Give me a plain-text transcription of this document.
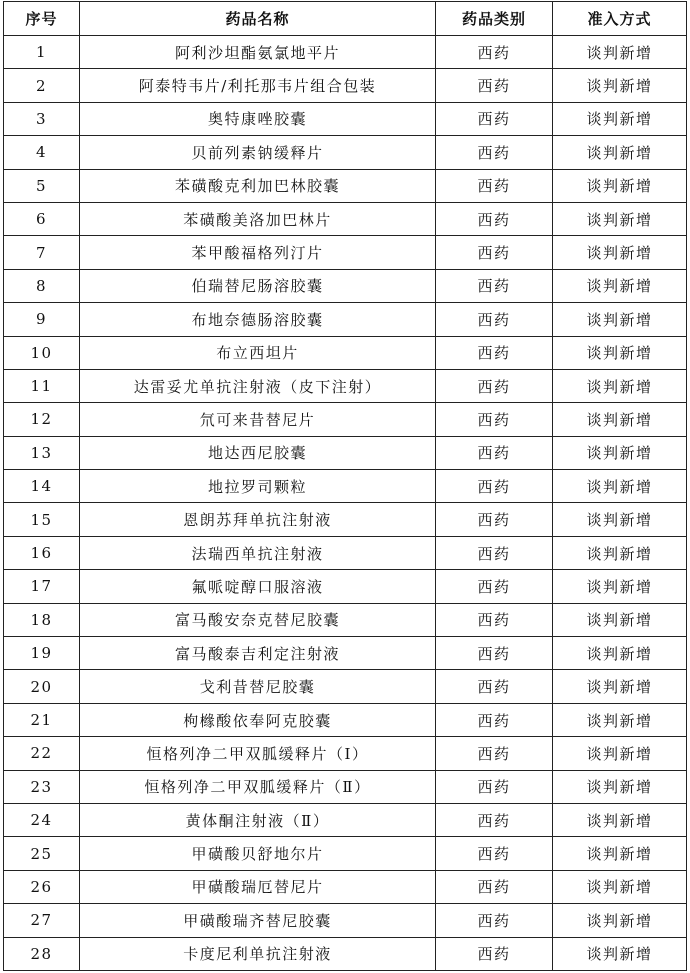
序号	药品名称	药品类别	准入方式
1	阿利沙坦酯氨氯地平片	西药	谈判新增
2	阿泰特韦片/利托那韦片组合包装	西药	谈判新增
3	奥特康唑胶囊	西药	谈判新增
4	贝前列素钠缓释片	西药	谈判新增
5	苯磺酸克利加巴林胶囊	西药	谈判新增
6	苯磺酸美洛加巴林片	西药	谈判新增
7	苯甲酸福格列汀片	西药	谈判新增
8	伯瑞替尼肠溶胶囊	西药	谈判新增
9	布地奈德肠溶胶囊	西药	谈判新增
10	布立西坦片	西药	谈判新增
11	达雷妥尤单抗注射液（皮下注射）	西药	谈判新增
12	氘可来昔替尼片	西药	谈判新增
13	地达西尼胶囊	西药	谈判新增
14	地拉罗司颗粒	西药	谈判新增
15	恩朗苏拜单抗注射液	西药	谈判新增
16	法瑞西单抗注射液	西药	谈判新增
17	氟哌啶醇口服溶液	西药	谈判新增
18	富马酸安奈克替尼胶囊	西药	谈判新增
19	富马酸泰吉利定注射液	西药	谈判新增
20	戈利昔替尼胶囊	西药	谈判新增
21	枸橼酸依奉阿克胶囊	西药	谈判新增
22	恒格列净二甲双胍缓释片（Ⅰ）	西药	谈判新增
23	恒格列净二甲双胍缓释片（Ⅱ）	西药	谈判新增
24	黄体酮注射液（Ⅱ）	西药	谈判新增
25	甲磺酸贝舒地尔片	西药	谈判新增
26	甲磺酸瑞厄替尼片	西药	谈判新增
27	甲磺酸瑞齐替尼胶囊	西药	谈判新增
28	卡度尼利单抗注射液	西药	谈判新增
